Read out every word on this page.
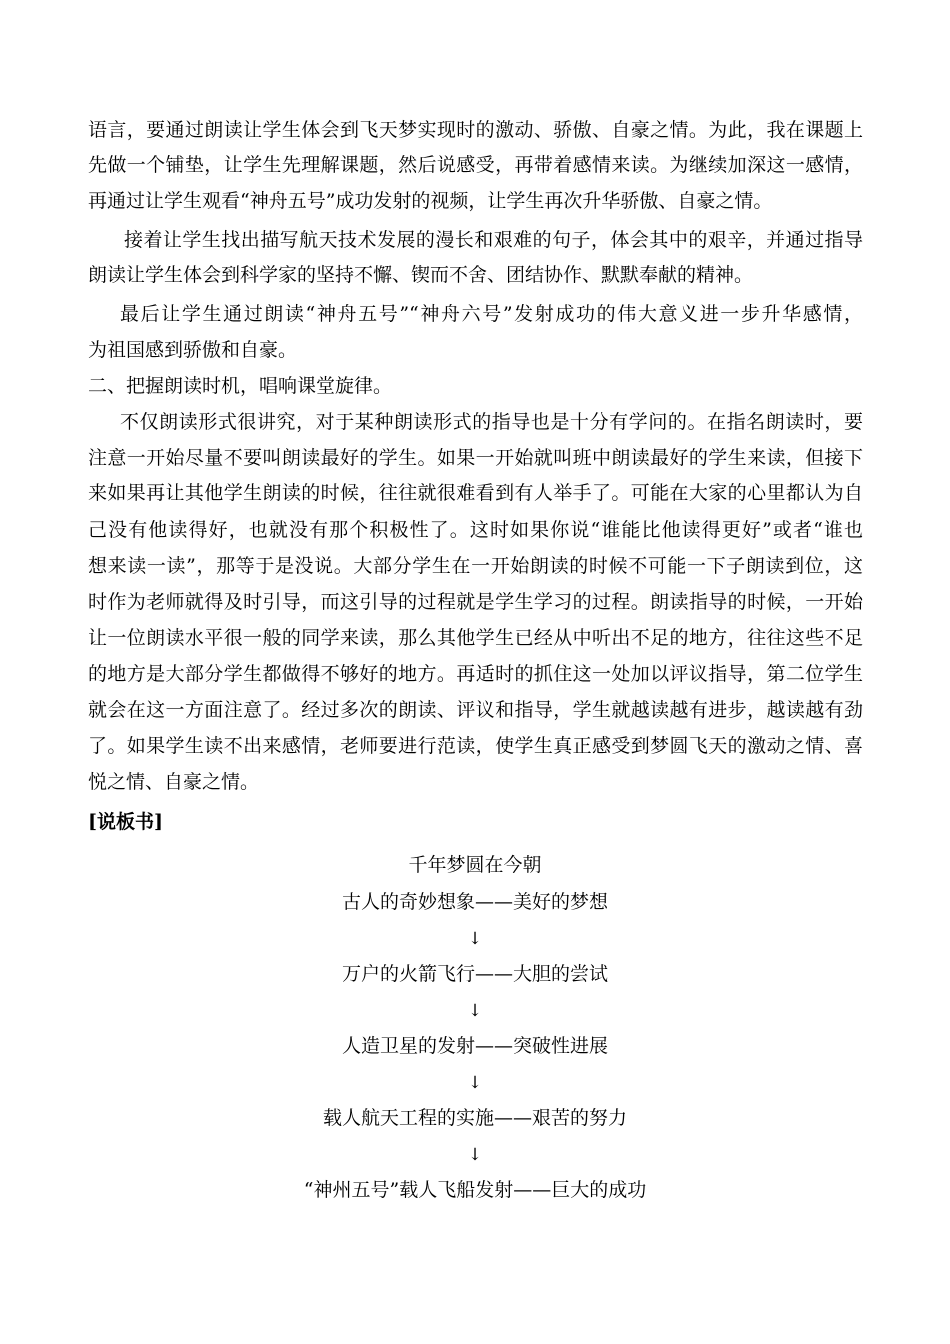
语言，要通过朗读让学生体会到飞天梦实现时的激动、骄傲、自豪之情。为此，我在课题上
先做一个铺垫，让学生先理解课题，然后说感受，再带着感情来读。为继续加深这一感情，
再通过让学生观看“神舟五号”成功发射的视频，让学生再次升华骄傲、自豪之情。
接着让学生找出描写航天技术发展的漫长和艰难的句子，体会其中的艰辛，并通过指导
朗读让学生体会到科学家的坚持不懈、锲而不舍、团结协作、默默奉献的精神。
最后让学生通过朗读“神舟五号”“神舟六号”发射成功的伟大意义进一步升华感情，
为祖国感到骄傲和自豪。
二、把握朗读时机，唱响课堂旋律。
不仅朗读形式很讲究，对于某种朗读形式的指导也是十分有学问的。在指名朗读时，要
注意一开始尽量不要叫朗读最好的学生。如果一开始就叫班中朗读最好的学生来读，但接下
来如果再让其他学生朗读的时候，往往就很难看到有人举手了。可能在大家的心里都认为自
己没有他读得好，也就没有那个积极性了。这时如果你说“谁能比他读得更好”或者“谁也
想来读一读”，那等于是没说。大部分学生在一开始朗读的时候不可能一下子朗读到位，这
时作为老师就得及时引导，而这引导的过程就是学生学习的过程。朗读指导的时候，一开始
让一位朗读水平很一般的同学来读，那么其他学生已经从中听出不足的地方，往往这些不足
的地方是大部分学生都做得不够好的地方。再适时的抓住这一处加以评议指导，第二位学生
就会在这一方面注意了。经过多次的朗读、评议和指导，学生就越读越有进步，越读越有劲
了。如果学生读不出来感情，老师要进行范读，使学生真正感受到梦圆飞天的激动之情、喜
悦之情、自豪之情。
[说板书]
千年梦圆在今朝
古人的奇妙想象——美好的梦想
↓
万户的火箭飞行——大胆的尝试
↓
人造卫星的发射——突破性进展
↓
载人航天工程的实施——艰苦的努力
↓
“神州五号”载人飞船发射——巨大的成功
